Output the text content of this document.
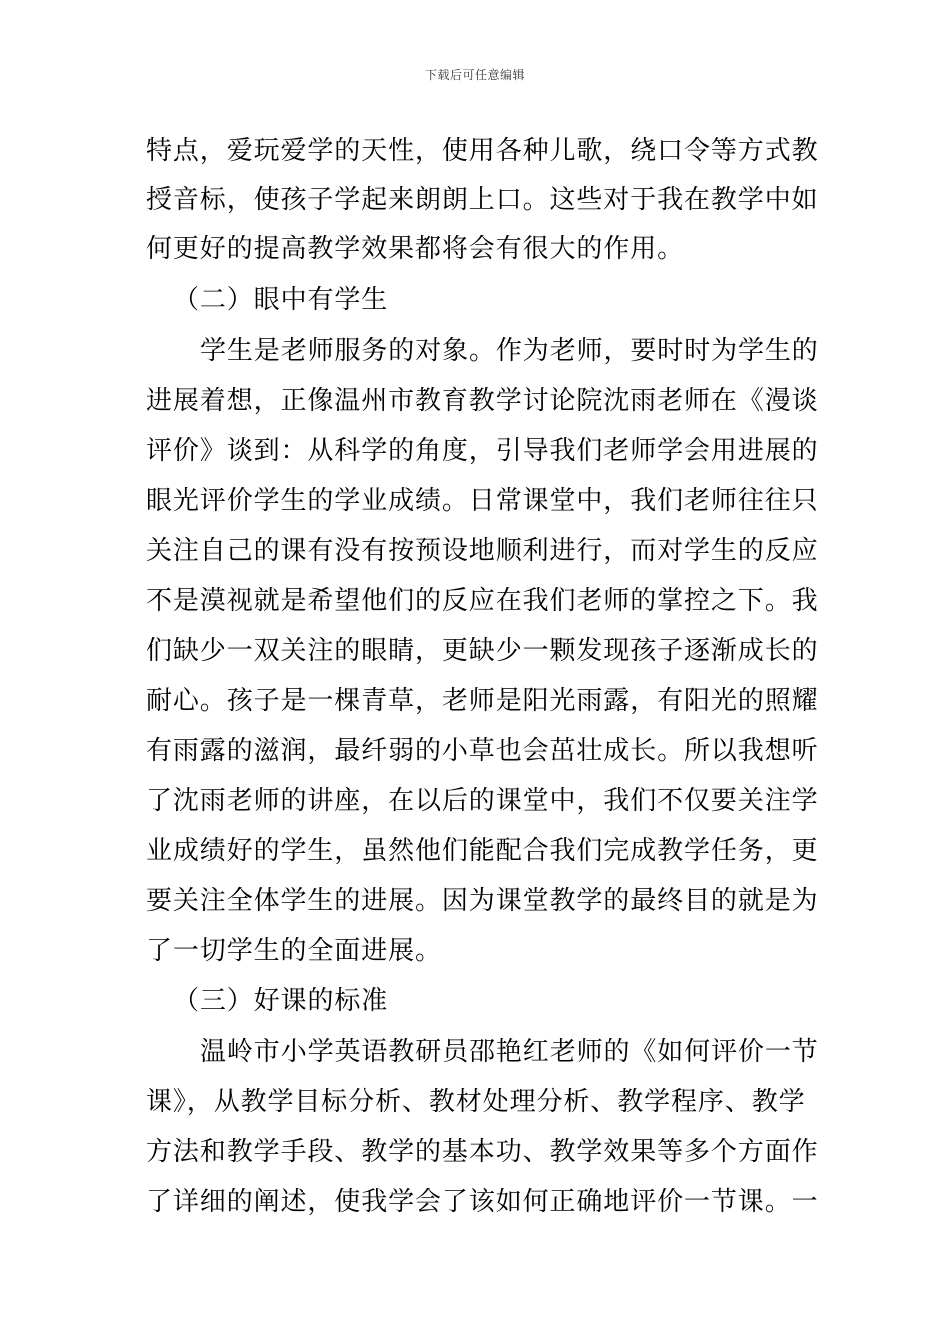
下载后可任意编辑
特点，爱玩爱学的天性，使用各种儿歌，绕口令等方式教
授音标，使孩子学起来朗朗上口。这些对于我在教学中如
何更好的提高教学效果都将会有很大的作用。
（二）眼中有学生
学生是老师服务的对象。作为老师，要时时为学生的
进展着想，正像温州市教育教学讨论院沈雨老师在《漫谈
评价》谈到：从科学的角度，引导我们老师学会用进展的
眼光评价学生的学业成绩。日常课堂中，我们老师往往只
关注自己的课有没有按预设地顺利进行，而对学生的反应
不是漠视就是希望他们的反应在我们老师的掌控之下。我
们缺少一双关注的眼睛，更缺少一颗发现孩子逐渐成长的
耐心。孩子是一棵青草，老师是阳光雨露，有阳光的照耀
有雨露的滋润，最纤弱的小草也会茁壮成长。所以我想听
了沈雨老师的讲座，在以后的课堂中，我们不仅要关注学
业成绩好的学生，虽然他们能配合我们完成教学任务，更
要关注全体学生的进展。因为课堂教学的最终目的就是为
了一切学生的全面进展。
（三）好课的标准
温岭市小学英语教研员邵艳红老师的《如何评价一节
课》，从教学目标分析、教材处理分析、教学程序、教学
方法和教学手段、教学的基本功、教学效果等多个方面作
了详细的阐述，使我学会了该如何正确地评价一节课。一
